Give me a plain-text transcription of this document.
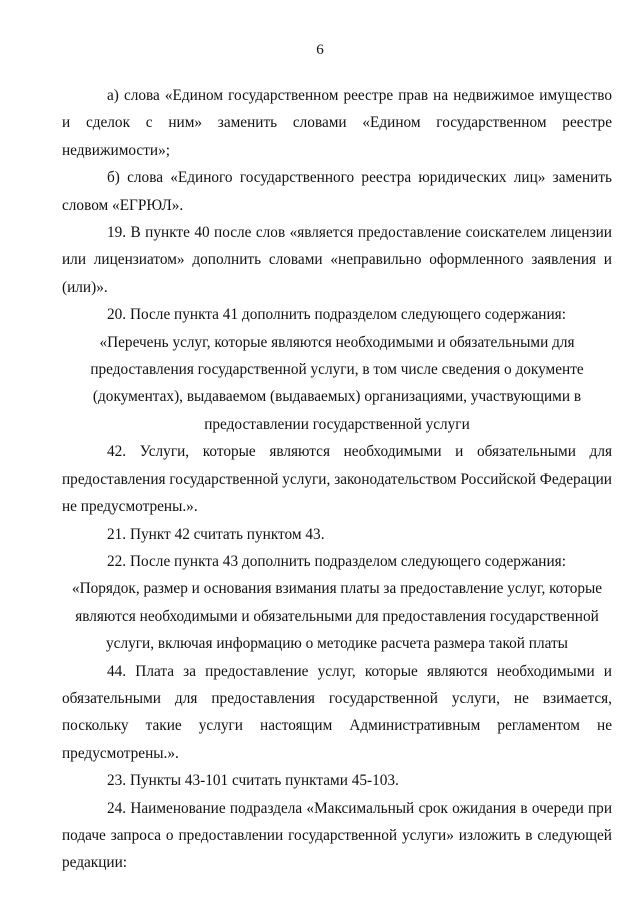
6

а) слова «Едином государственном реестре прав на недвижимое имущество и сделок с ним» заменить словами «Едином государственном реестре недвижимости»;

б) слова «Единого государственного реестра юридических лиц» заменить словом «ЕГРЮЛ».

19. В пункте 40 после слов «является предоставление соискателем лицензии или лицензиатом» дополнить словами «неправильно оформленного заявления и (или)».

20. После пункта 41 дополнить подразделом следующего содержания:

«Перечень услуг, которые являются необходимыми и обязательными для предоставления государственной услуги, в том числе сведения о документе (документах), выдаваемом (выдаваемых) организациями, участвующими в предоставлении государственной услуги

42. Услуги, которые являются необходимыми и обязательными для предоставления государственной услуги, законодательством Российской Федерации не предусмотрены.».

21. Пункт 42 считать пунктом 43.

22. После пункта 43 дополнить подразделом следующего содержания:

«Порядок, размер и основания взимания платы за предоставление услуг, которые являются необходимыми и обязательными для предоставления государственной услуги, включая информацию о методике расчета размера такой платы

44. Плата за предоставление услуг, которые являются необходимыми и обязательными для предоставления государственной услуги, не взимается, поскольку такие услуги настоящим Административным регламентом не предусмотрены.».

23. Пункты 43-101 считать пунктами 45-103.

24. Наименование подраздела «Максимальный срок ожидания в очереди при подаче запроса о предоставлении государственной услуги» изложить в следующей редакции:
